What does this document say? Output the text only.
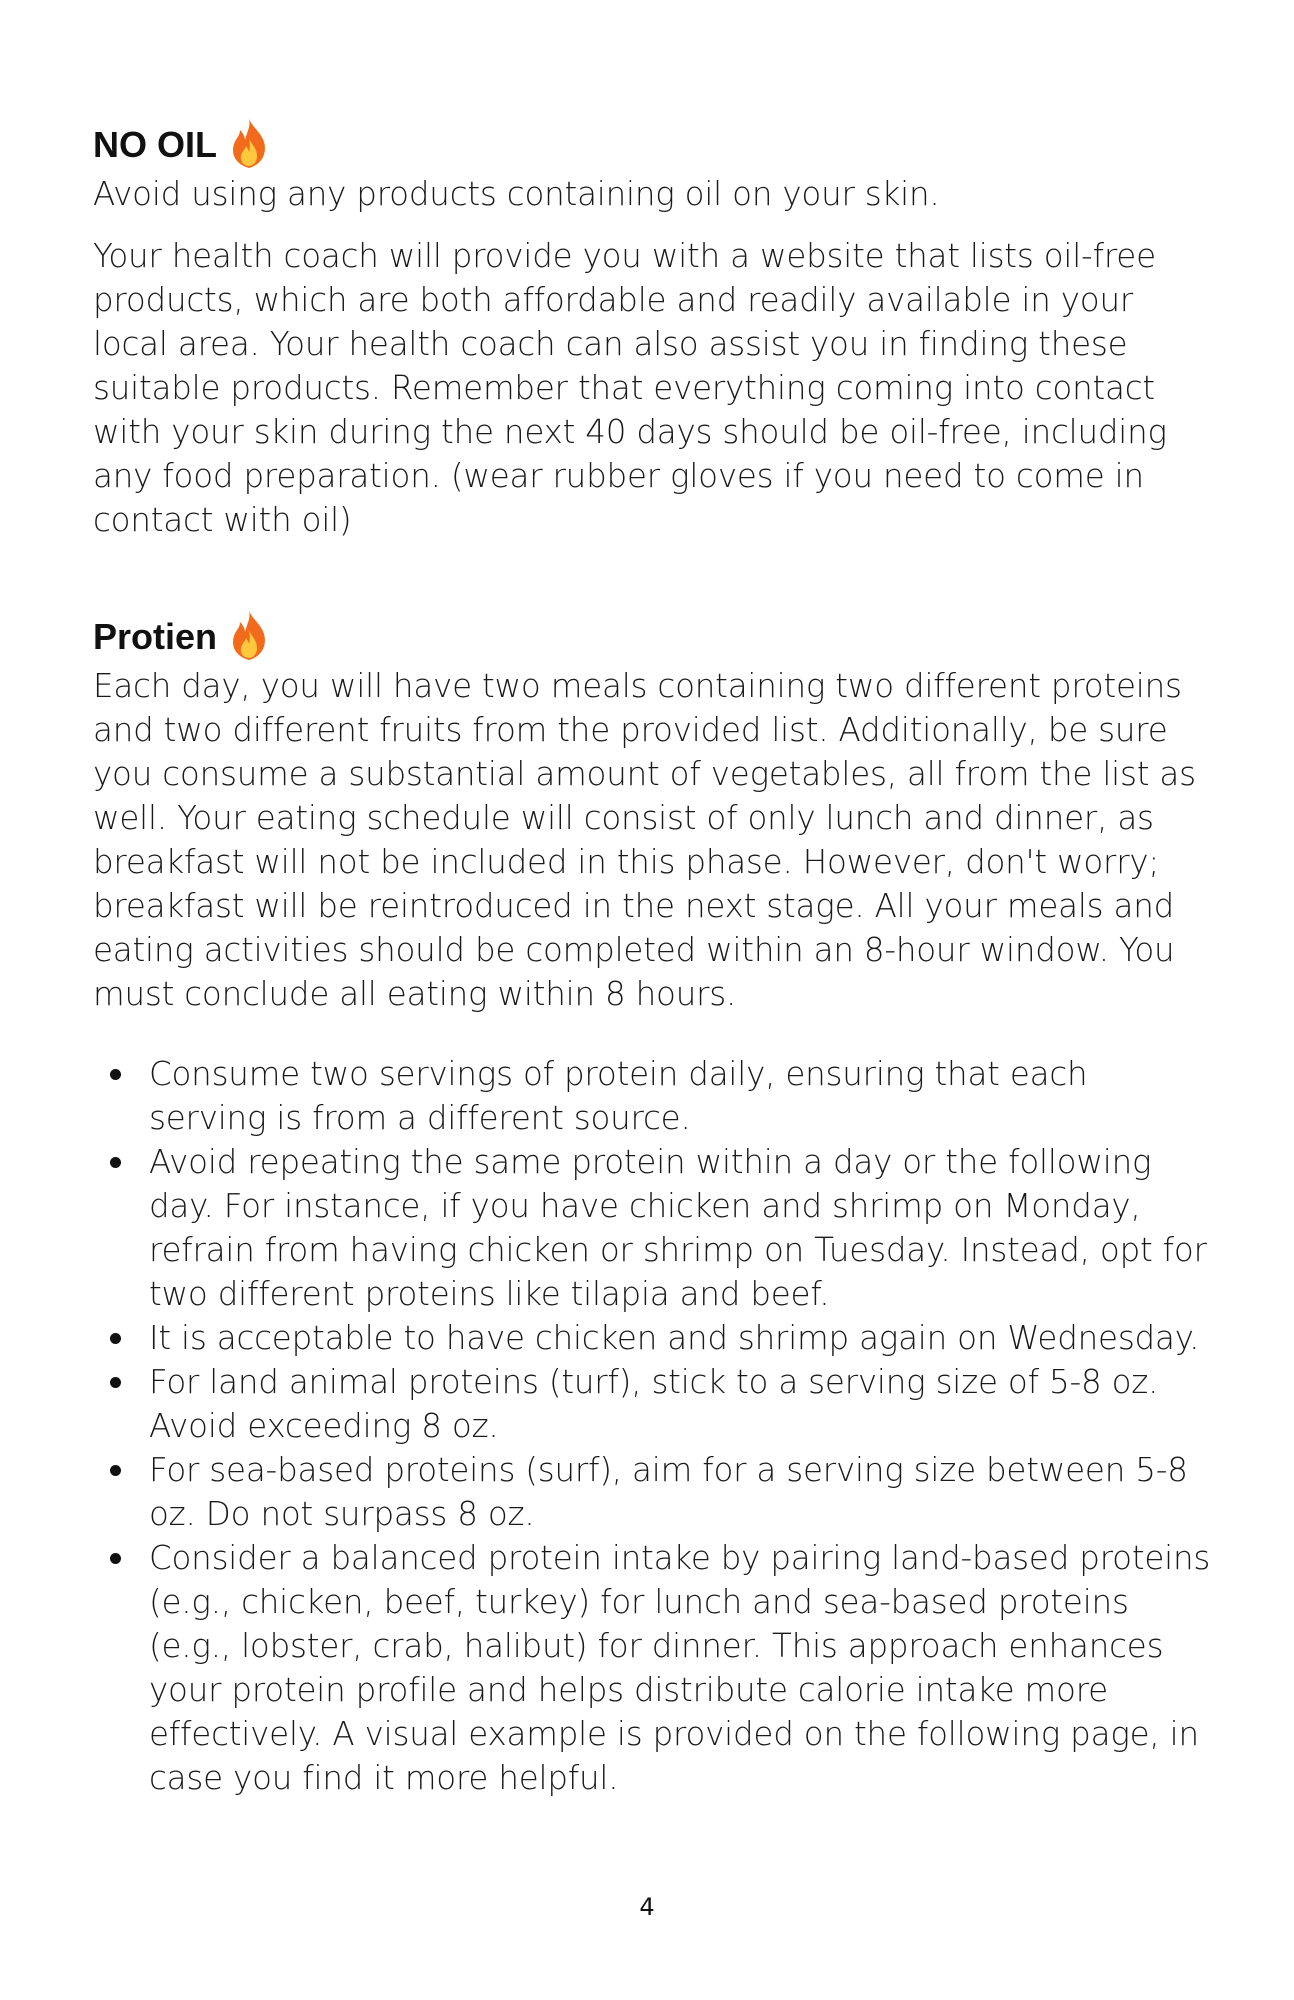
NO OIL

Avoid using any products containing oil on your skin.

Your health coach will provide you with a website that lists oil-free products, which are both affordable and readily available in your local area. Your health coach can also assist you in finding these suitable products. Remember that everything coming into contact with your skin during the next 40 days should be oil-free, including any food preparation. (wear rubber gloves if you need to come in contact with oil)

Protien

Each day, you will have two meals containing two different proteins and two different fruits from the provided list. Additionally, be sure you consume a substantial amount of vegetables, all from the list as well. Your eating schedule will consist of only lunch and dinner, as breakfast will not be included in this phase. However, don't worry; breakfast will be reintroduced in the next stage. All your meals and eating activities should be completed within an 8-hour window. You must conclude all eating within 8 hours.

Consume two servings of protein daily, ensuring that each serving is from a different source.
Avoid repeating the same protein within a day or the following day. For instance, if you have chicken and shrimp on Monday, refrain from having chicken or shrimp on Tuesday. Instead, opt for two different proteins like tilapia and beef.
It is acceptable to have chicken and shrimp again on Wednesday.
For land animal proteins (turf), stick to a serving size of 5-8 oz. Avoid exceeding 8 oz.
For sea-based proteins (surf), aim for a serving size between 5-8 oz. Do not surpass 8 oz.
Consider a balanced protein intake by pairing land-based proteins (e.g., chicken, beef, turkey) for lunch and sea-based proteins (e.g., lobster, crab, halibut) for dinner. This approach enhances your protein profile and helps distribute calorie intake more effectively. A visual example is provided on the following page, in case you find it more helpful.
4
